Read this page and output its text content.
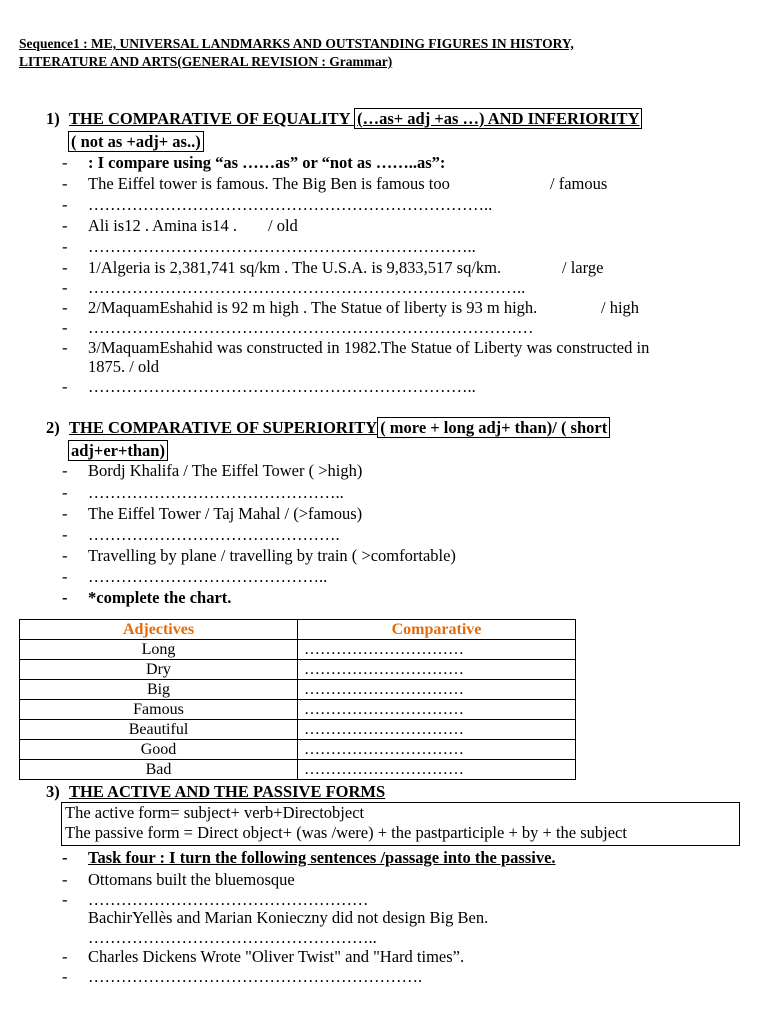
Sequence1 : ME, UNIVERSAL LANDMARKS AND OUTSTANDING FIGURES IN HISTORY,
LITERATURE AND ARTS(GENERAL REVISION : Grammar)
1) THE COMPARATIVE OF EQUALITY (…as+ adj +as …) AND INFERIORITY
( not as +adj+ as..)
- : I compare using “as ……as” or “not as ……..as”:
- The Eiffel tower is famous. The Big Ben is famous too	/ famous
- ………………………………………………………………..
- Ali is12 . Amina is14 . / old
- ……………………………………………………………..
- 1/Algeria is 2,381,741 sq/km . The U.S.A. is 9,833,517 sq/km.	/ large
- ……………………………………………………………………..
- 2/MaquamEshahid is 92 m high . The Statue of liberty is 93 m high.	/ high
- ………………………………………………………………………
- 3/MaquamEshahid was constructed in 1982.The Statue of Liberty was constructed in
1875. / old
- ……………………………………………………………..
2) THE COMPARATIVE OF SUPERIORITY ( more + long adj+ than)/ ( short
adj+er+than)
- Bordj Khalifa / The Eiffel Tower ( >high)
- ………………………………………..
- The Eiffel Tower / Taj Mahal / (>famous)
- ……………………………………….
- Travelling by plane / travelling by train ( >comfortable)
- ……………………………………..
- *complete the chart.
Adjectives	Comparative
Long	…………………………
Dry	…………………………
Big	…………………………
Famous	…………………………
Beautiful	…………………………
Good	…………………………
Bad	…………………………
3) THE ACTIVE AND THE PASSIVE FORMS
The active form= subject+ verb+Directobject
The passive form = Direct object+ (was /were) + the pastparticiple + by + the subject
- Task four : I turn the following sentences /passage into the passive.
- Ottomans built the bluemosque
- ……………………………………………
BachirYellès and Marian Konieczny did not design Big Ben.
……………………………………………..
- Charles Dickens Wrote "Oliver Twist" and "Hard times”.
- …………………………………………………….
